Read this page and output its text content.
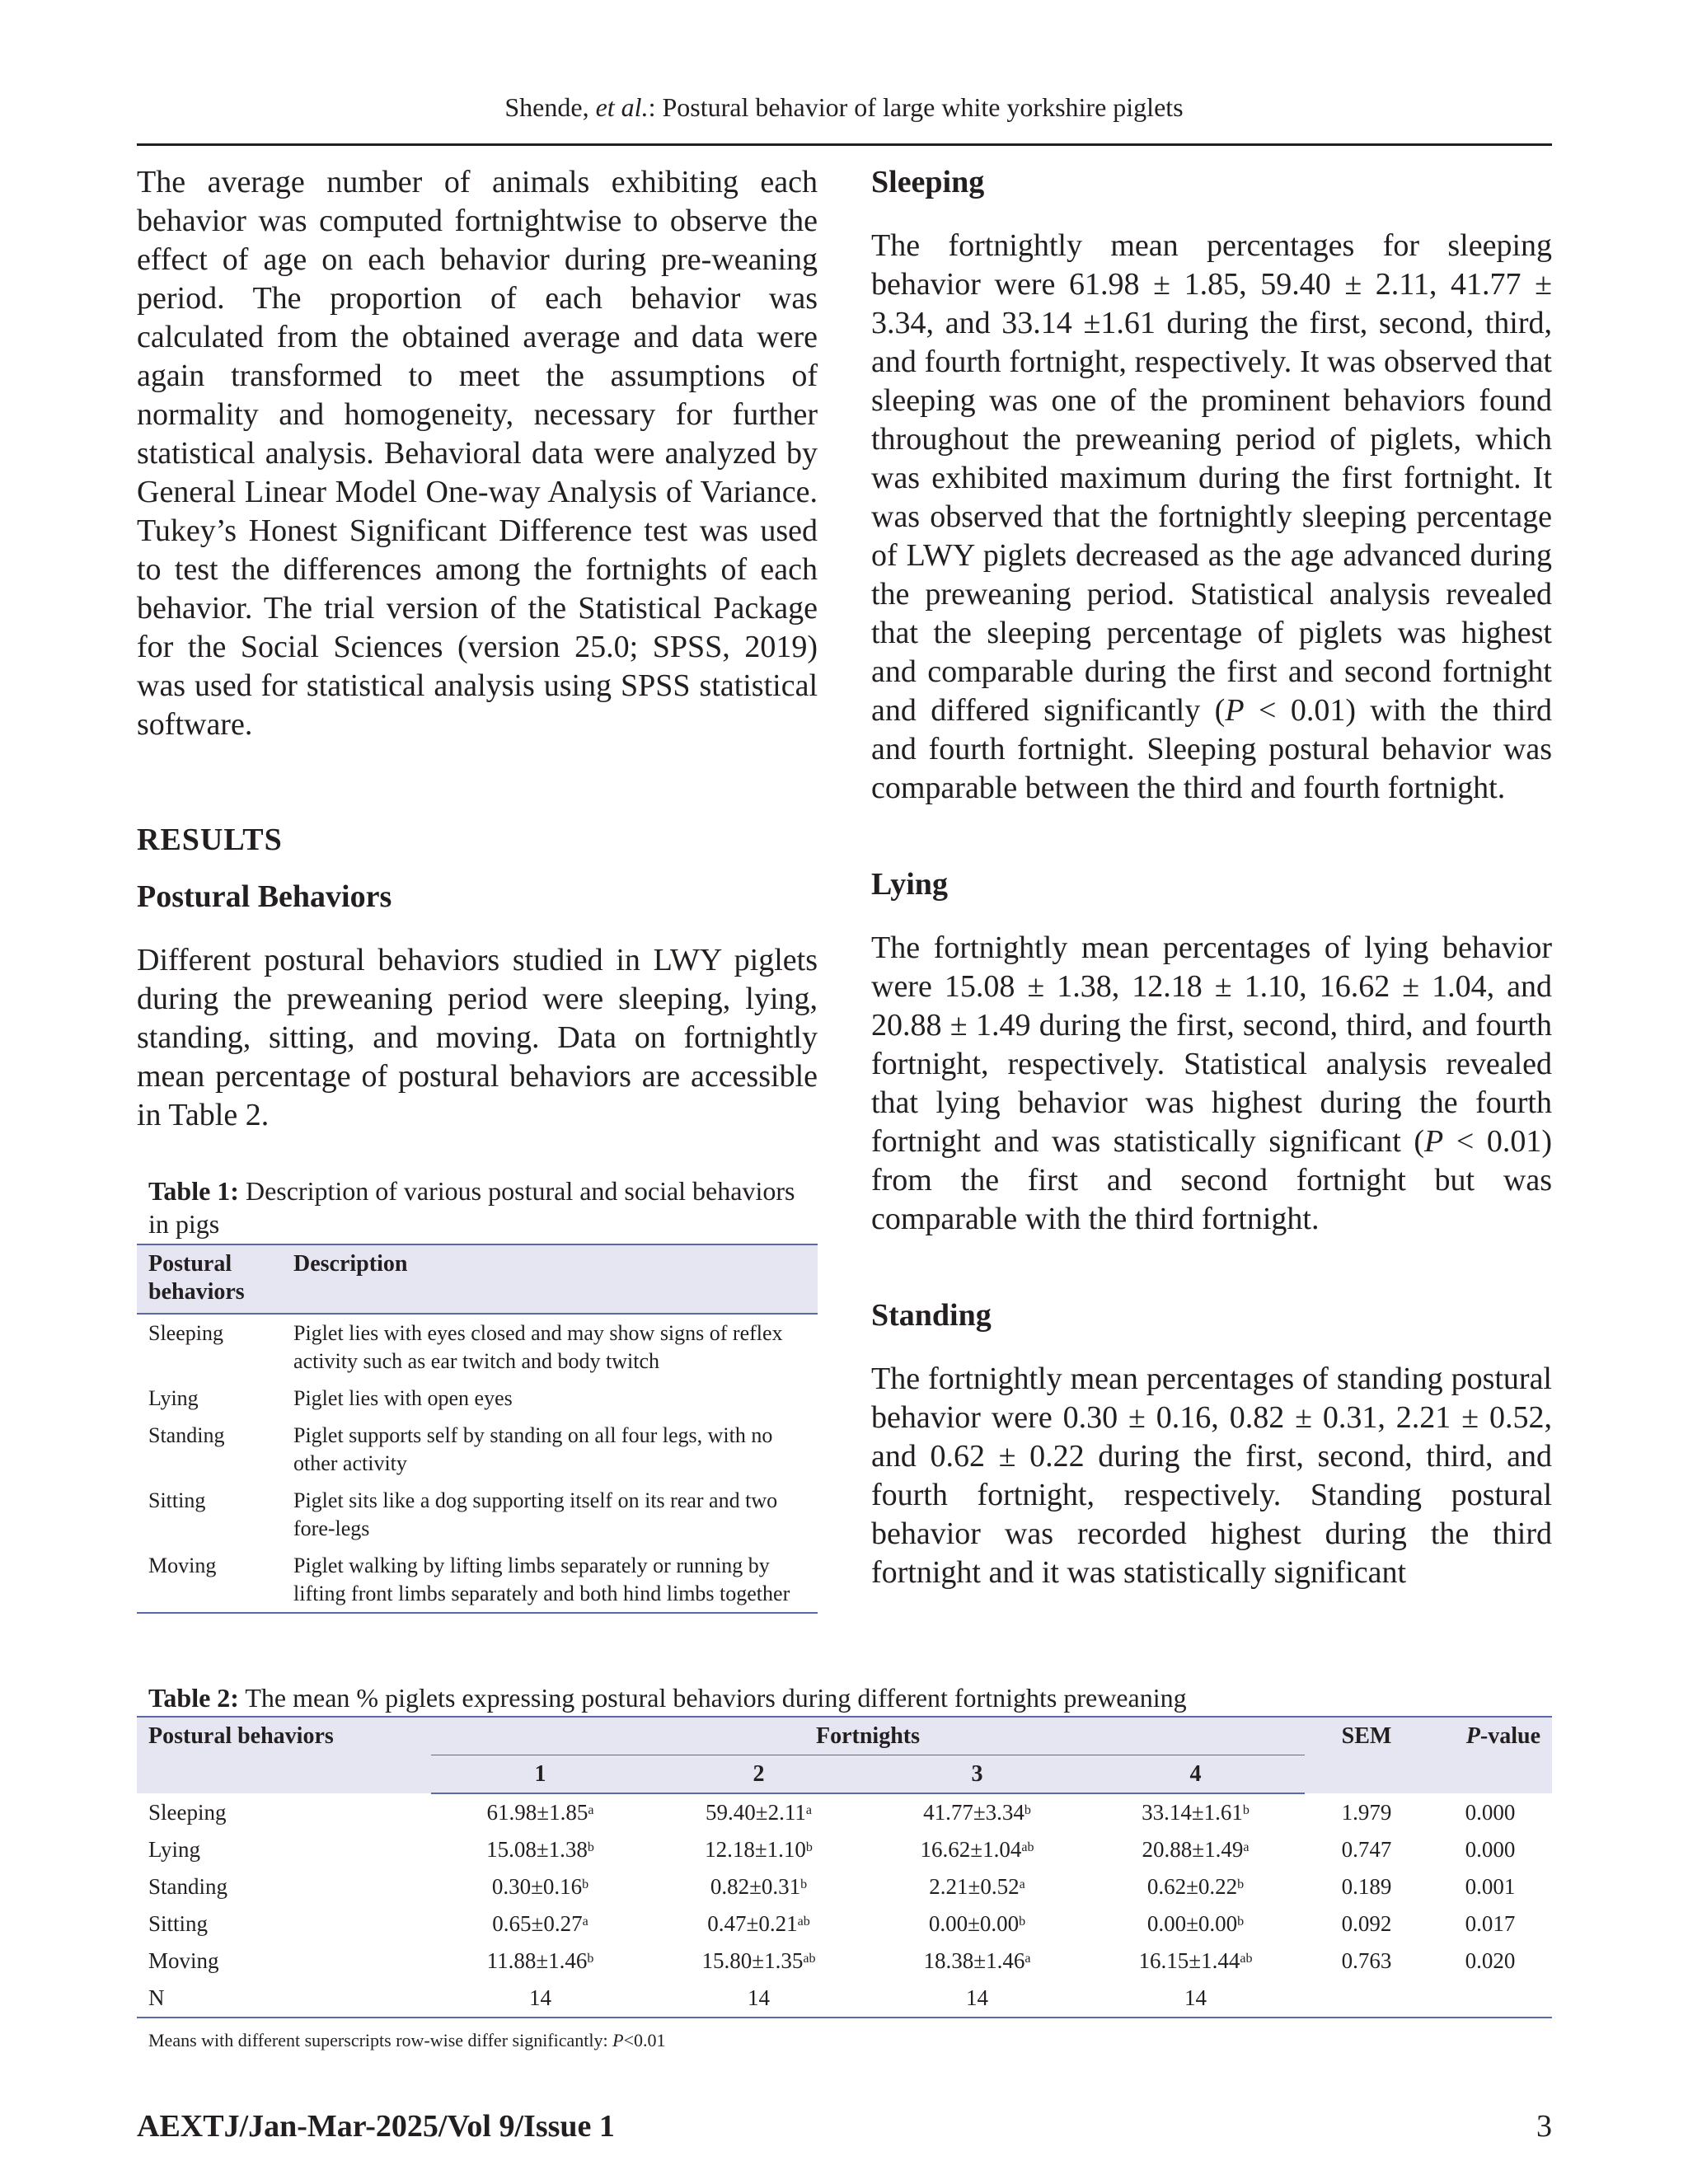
Shende, et al.: Postural behavior of large white yorkshire piglets

The average number of animals exhibiting each behavior was computed fortnightwise to observe the effect of age on each behavior during pre-weaning period. The proportion of each behavior was calculated from the obtained average and data were again transformed to meet the assumptions of normality and homogeneity, necessary for further statistical analysis. Behavioral data were analyzed by General Linear Model One-way Analysis of Variance. Tukey’s Honest Significant Difference test was used to test the differences among the fortnights of each behavior. The trial version of the Statistical Package for the Social Sciences (version 25.0; SPSS, 2019) was used for statistical analysis using SPSS statistical software.

RESULTS

Postural Behaviors

Different postural behaviors studied in LWY piglets during the preweaning period were sleeping, lying, standing, sitting, and moving. Data on fortnightly mean percentage of postural behaviors are accessible in Table 2.

Table 1: Description of various postural and social behaviors in pigs
Postural behaviors	Description
Sleeping	Piglet lies with eyes closed and may show signs of reflex activity such as ear twitch and body twitch
Lying	Piglet lies with open eyes
Standing	Piglet supports self by standing on all four legs, with no other activity
Sitting	Piglet sits like a dog supporting itself on its rear and two fore-legs
Moving	Piglet walking by lifting limbs separately or running by lifting front limbs separately and both hind limbs together

Sleeping

The fortnightly mean percentages for sleeping behavior were 61.98 ± 1.85, 59.40 ± 2.11, 41.77 ± 3.34, and 33.14 ±1.61 during the first, second, third, and fourth fortnight, respectively. It was observed that sleeping was one of the prominent behaviors found throughout the preweaning period of piglets, which was exhibited maximum during the first fortnight. It was observed that the fortnightly sleeping percentage of LWY piglets decreased as the age advanced during the preweaning period. Statistical analysis revealed that the sleeping percentage of piglets was highest and comparable during the first and second fortnight and differed significantly (P < 0.01) with the third and fourth fortnight. Sleeping postural behavior was comparable between the third and fourth fortnight.

Lying

The fortnightly mean percentages of lying behavior were 15.08 ± 1.38, 12.18 ± 1.10, 16.62 ± 1.04, and 20.88 ± 1.49 during the first, second, third, and fourth fortnight, respectively. Statistical analysis revealed that lying behavior was highest during the fourth fortnight and was statistically significant (P < 0.01) from the first and second fortnight but was comparable with the third fortnight.

Standing

The fortnightly mean percentages of standing postural behavior were 0.30 ± 0.16, 0.82 ± 0.31, 2.21 ± 0.52, and 0.62 ± 0.22 during the first, second, third, and fourth fortnight, respectively. Standing postural behavior was recorded highest during the third fortnight and it was statistically significant

Table 2: The mean % piglets expressing postural behaviors during different fortnights preweaning
Postural behaviors	Fortnights				SEM	P-value
	1	2	3	4		
Sleeping	61.98±1.85$^a$	59.40±2.11$^a$	41.77±3.34$^b$	33.14±1.61$^b$	1.979	0.000
Lying	15.08±1.38$^b$	12.18±1.10$^b$	16.62±1.04$^{ab}$	20.88±1.49$^a$	0.747	0.000
Standing	0.30±0.16$^b$	0.82±0.31$^b$	2.21±0.52$^a$	0.62±0.22$^b$	0.189	0.001
Sitting	0.65±0.27$^a$	0.47±0.21$^{ab}$	0.00±0.00$^b$	0.00±0.00$^b$	0.092	0.017
Moving	11.88±1.46$^b$	15.80±1.35$^{ab}$	18.38±1.46$^a$	16.15±1.44$^{ab}$	0.763	0.020
N	14	14	14	14		
Means with different superscripts row-wise differ significantly: P<0.01
AEXTJ/Jan-Mar-2025/Vol 9/Issue 1	3
